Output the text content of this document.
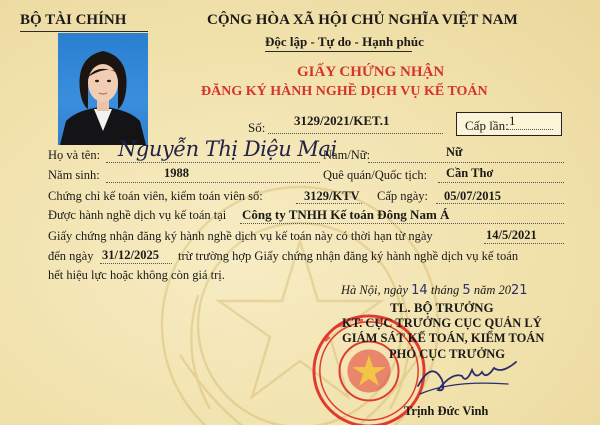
BỘ TÀI CHÍNH	CỘNG HÒA XÃ HỘI CHỦ NGHĨA VIỆT NAM
Độc lập - Tự do - Hạnh phúc
GIẤY CHỨNG NHẬN
ĐĂNG KÝ HÀNH NGHỀ DỊCH VỤ KẾ TOÁN
Số: 3129/2021/KET.1	Cấp lần: 1
Họ và tên: Nguyễn Thị Diệu Mai
Nam/Nữ:	Nữ
Năm sinh:	1988	Quê quán/Quốc tịch: Cần Thơ
Chứng chỉ kế toán viên, kiểm toán viên số:	3129/KTV Cấp ngày: 05/07/2015
Được hành nghề dịch vụ kế toán tại Công ty TNHH Kế toán Đông Nam Á
Giấy chứng nhận đăng ký hành nghề dịch vụ kế toán này có thời hạn từ ngày	14/5/2021
đến ngày 31/12/2025 trừ trường hợp Giấy chứng nhận đăng ký hành nghề dịch vụ kế toán
hết hiệu lực hoặc không còn giá trị.
Hà Nội, ngày 14 tháng 5 năm 2021
TL. BỘ TRƯỞNG
KT. CỤC TRƯỞNG CỤC QUẢN LÝ
GIÁM SÁT KẾ TOÁN, KIỂM TOÁN
PHÓ CỤC TRƯỞNG
Trịnh Đức Vinh
